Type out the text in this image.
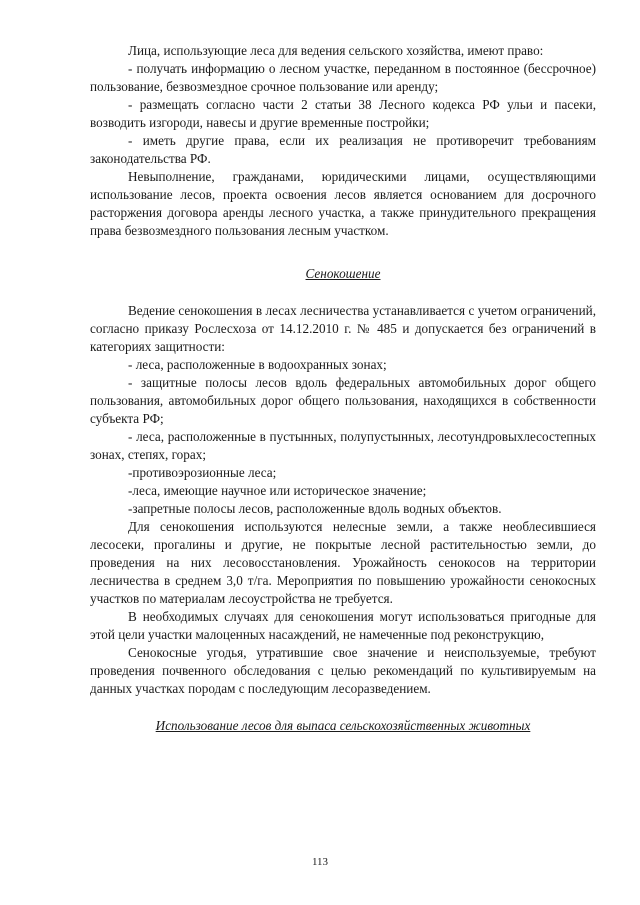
Лица, использующие леса для ведения сельского хозяйства, имеют право:

- получать информацию о лесном участке, переданном в постоянное (бессрочное) пользование, безвозмездное срочное пользование или аренду;

- размещать согласно части 2 статьи 38 Лесного кодекса РФ ульи и пасеки, возводить изгороди, навесы и другие временные постройки;

- иметь другие права, если их реализация не противоречит требованиям законодательства РФ.

Невыполнение, гражданами, юридическими лицами, осуществляющими использование лесов, проекта освоения лесов является основанием для досрочного расторжения договора аренды лесного участка, а также принудительного прекращения права безвозмездного пользования лесным участком.

Сенокошение

Ведение сенокошения в лесах лесничества устанавливается с учетом ограничений, согласно приказу Рослесхоза от 14.12.2010 г. № 485 и допускается без ограничений в категориях защитности:

- леса, расположенные в водоохранных зонах;

- защитные полосы лесов вдоль федеральных автомобильных дорог общего пользования, автомобильных дорог общего пользования, находящихся в собственности субъекта РФ;

- леса, расположенные в пустынных, полупустынных, лесотундровыхлесостепных зонах, степях, горах;

-противоэрозионные леса;

-леса, имеющие научное или историческое значение;

-запретные полосы лесов, расположенные вдоль водных объектов.

Для сенокошения используются нелесные земли, а также необлесившиеся лесосеки, прогалины и другие, не покрытые лесной растительностью земли, до проведения на них лесовосстановления. Урожайность сенокосов на территории лесничества в среднем 3,0 т/га. Мероприятия по повышению урожайности сенокосных участков по материалам лесоустройства не требуется.

В необходимых случаях для сенокошения могут использоваться пригодные для этой цели участки малоценных насаждений, не намеченные под реконструкцию,

Сенокосные угодья, утратившие свое значение и неиспользуемые, требуют проведения почвенного обследования с целью рекомендаций по культивируемым на данных участках породам с последующим лесоразведением.

Использование лесов для выпаса сельскохозяйственных животных

113
